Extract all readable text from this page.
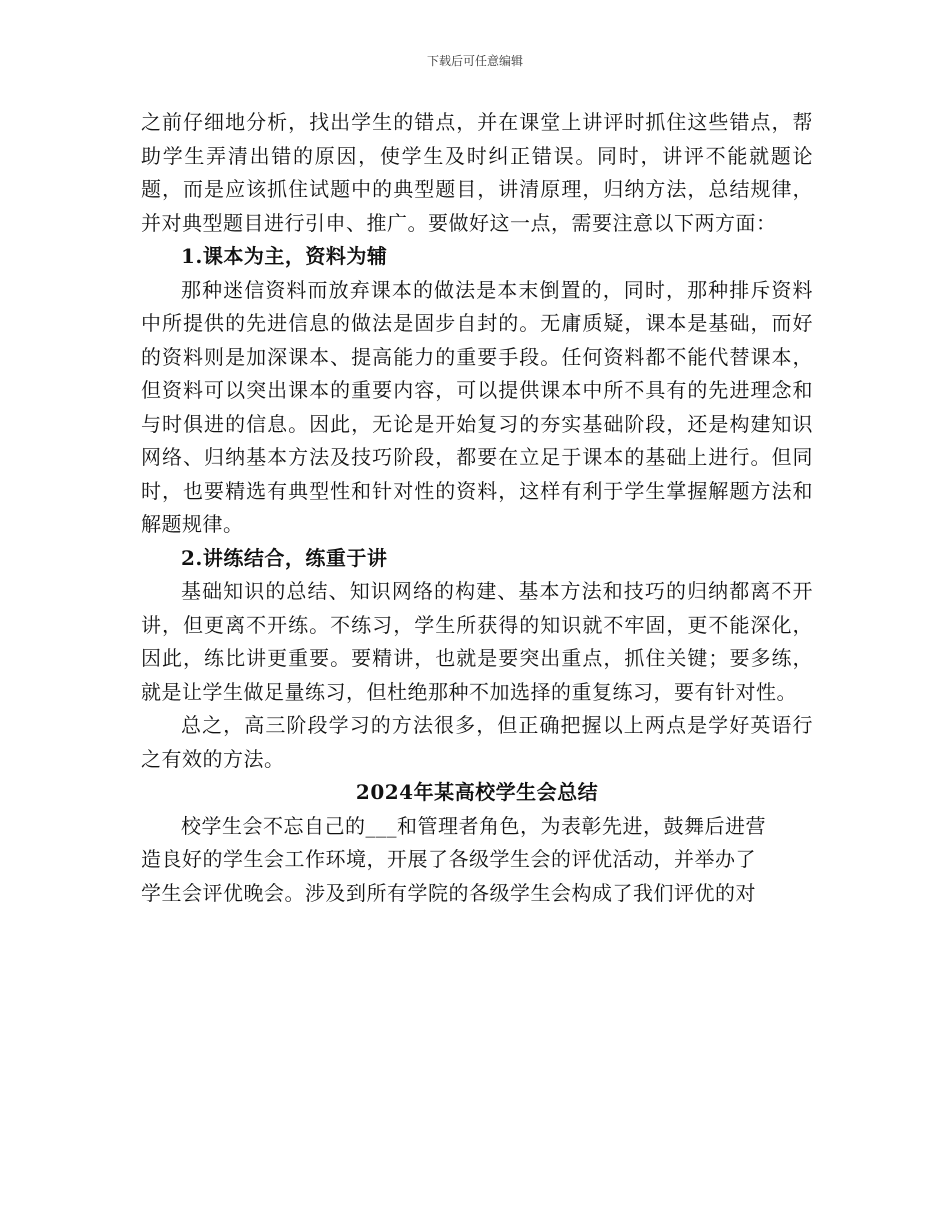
下载后可任意编辑

之前仔细地分析，找出学生的错点，并在课堂上讲评时抓住这些错点，帮助学生弄清出错的原因，使学生及时纠正错误。同时，讲评不能就题论题，而是应该抓住试题中的典型题目，讲清原理，归纳方法，总结规律，并对典型题目进行引申、推广。要做好这一点，需要注意以下两方面：

1.课本为主，资料为辅

那种迷信资料而放弃课本的做法是本末倒置的，同时，那种排斥资料中所提供的先进信息的做法是固步自封的。无庸质疑，课本是基础，而好的资料则是加深课本、提高能力的重要手段。任何资料都不能代替课本，但资料可以突出课本的重要内容，可以提供课本中所不具有的先进理念和与时俱进的信息。因此，无论是开始复习的夯实基础阶段，还是构建知识网络、归纳基本方法及技巧阶段，都要在立足于课本的基础上进行。但同时，也要精选有典型性和针对性的资料，这样有利于学生掌握解题方法和解题规律。

2.讲练结合，练重于讲

基础知识的总结、知识网络的构建、基本方法和技巧的归纳都离不开讲，但更离不开练。不练习，学生所获得的知识就不牢固，更不能深化，因此，练比讲更重要。要精讲，也就是要突出重点，抓住关键；要多练，就是让学生做足量练习，但杜绝那种不加选择的重复练习，要有针对性。

总之，高三阶段学习的方法很多，但正确把握以上两点是学好英语行之有效的方法。

2024年某高校学生会总结

校学生会不忘自己的___和管理者角色，为表彰先进，鼓舞后进营
造良好的学生会工作环境，开展了各级学生会的评优活动，并举办了
学生会评优晚会。涉及到所有学院的各级学生会构成了我们评优的对
